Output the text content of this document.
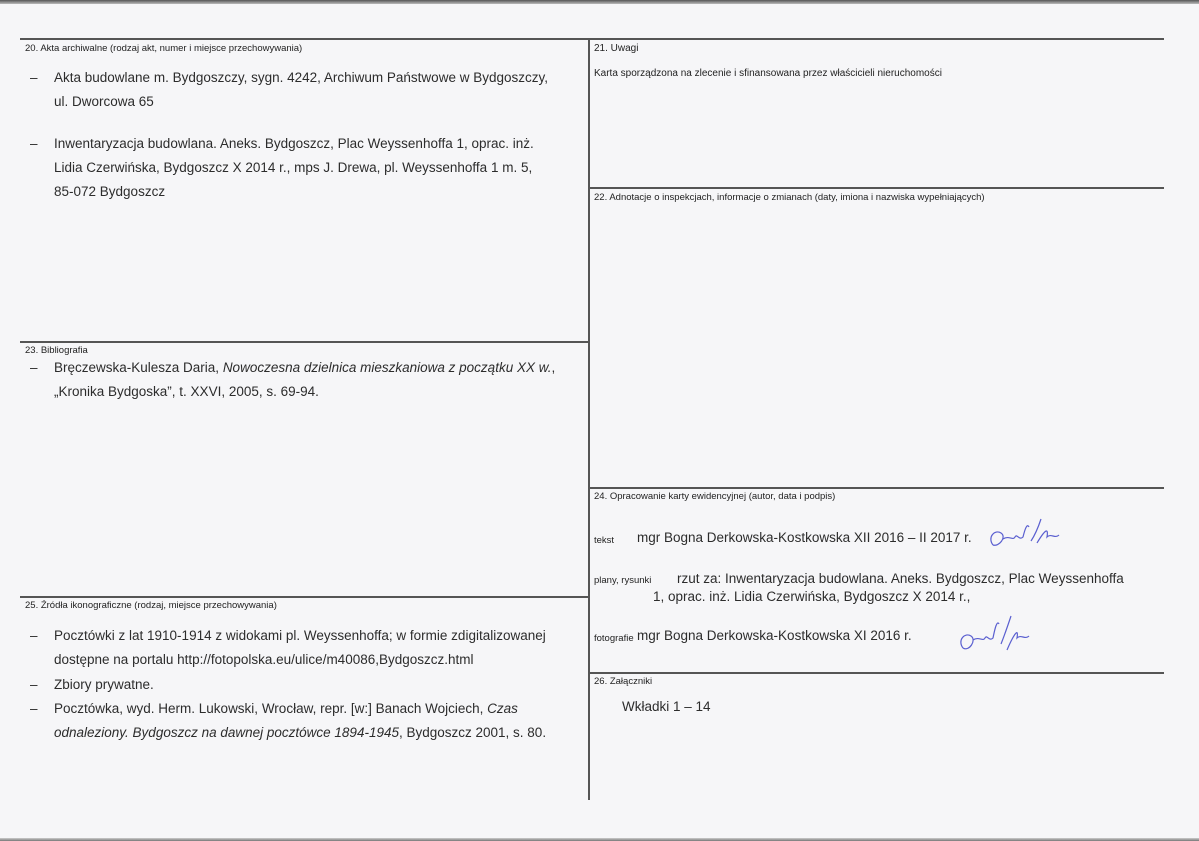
20. Akta archiwalne (rodzaj akt, numer i miejsce przechowywania)
– Akta budowlane m. Bydgoszczy, sygn. 4242, Archiwum Państwowe w Bydgoszczy,
ul. Dworcowa 65
– Inwentaryzacja budowlana. Aneks. Bydgoszcz, Plac Weyssenhoffa 1, oprac. inż.
Lidia Czerwińska, Bydgoszcz X 2014 r., mps J. Drewa, pl. Weyssenhoffa 1 m. 5,
85-072 Bydgoszcz
21. Uwagi
Karta sporządzona na zlecenie i sfinansowana przez właścicieli nieruchomości
22. Adnotacje o inspekcjach, informacje o zmianach (daty, imiona i nazwiska wypełniających)
23. Bibliografia
– Bręczewska-Kulesza Daria, Nowoczesna dzielnica mieszkaniowa z początku XX w.,
„Kronika Bydgoska”, t. XXVI, 2005, s. 69-94.
24. Opracowanie karty ewidencyjnej (autor, data i podpis)
tekst mgr Bogna Derkowska-Kostkowska XII 2016 – II 2017 r.
plany, rysunki rzut za: Inwentaryzacja budowlana. Aneks. Bydgoszcz, Plac Weyssenhoffa
1, oprac. inż. Lidia Czerwińska, Bydgoszcz X 2014 r.,
fotografie mgr Bogna Derkowska-Kostkowska XI 2016 r.
25. Źródła ikonograficzne (rodzaj, miejsce przechowywania)
– Pocztówki z lat 1910-1914 z widokami pl. Weyssenhoffa; w formie zdigitalizowanej
dostępne na portalu http://fotopolska.eu/ulice/m40086,Bydgoszcz.html
– Zbiory prywatne.
– Pocztówka, wyd. Herm. Lukowski, Wrocław, repr. [w:] Banach Wojciech, Czas
odnaleziony. Bydgoszcz na dawnej pocztówce 1894-1945, Bydgoszcz 2001, s. 80.
26. Załączniki
Wkładki 1 – 14
